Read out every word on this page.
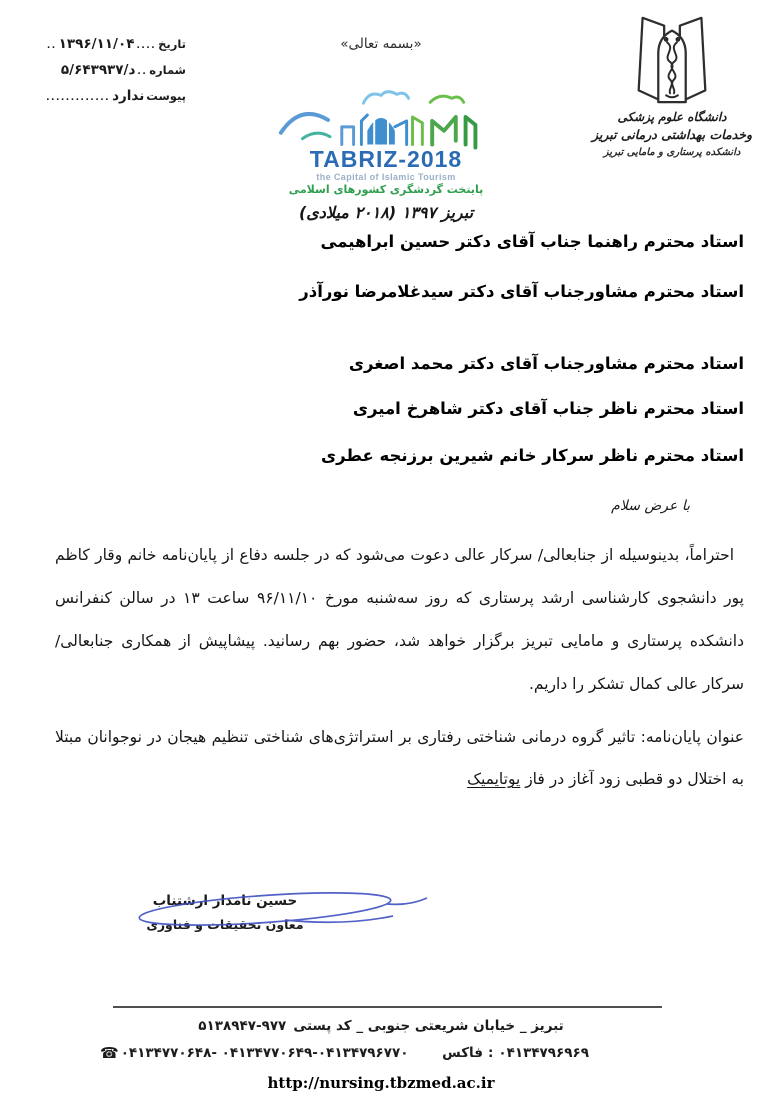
تاریخ
....
۱۳۹۶/۱۱/۰۴
..
شماره
..
۵/د/۶۴۳۹۳۷
پیوست
ندارد
.............
«بسمه تعالی»
دانشگاه علوم پزشکی
وخدمات بهداشتی درمانی تبریز
دانشکده پرستاری و مامایی تبریز
TABRIZ-2018
the Capital of Islamic Tourism
پایتخت گردشگری کشورهای اسلامی
تبریز ۱۳۹۷ (۲۰۱۸ میلادی)
استاد محترم راهنما جناب آقای دکتر حسین ابراهیمی
استاد محترم مشاورجناب آقای دکتر سیدغلامرضا نورآذر
استاد محترم مشاورجناب آقای دکتر محمد اصغری
استاد محترم ناظر جناب آقای دکتر شاهرخ امیری
استاد محترم ناظر سرکار خانم شیرین برزنجه عطری
با عرض سلام
احتراماً، بدینوسیله از جنابعالی/ سرکار عالی دعوت می‌شود که در جلسه دفاع از پایان‌نامه خانم وقار کاظم پور دانشجوی کارشناسی ارشد پرستاری که روز سه‌شنبه مورخ ۹۶/۱۱/۱۰ ساعت ۱۳ در سالن کنفرانس دانشکده پرستاری و مامایی تبریز برگزار خواهد شد، حضور بهم رسانید. پیشاپیش از همکاری جنابعالی/ سرکار عالی کمال تشکر را داریم.
عنوان پایان‌نامه: تاثیر گروه درمانی شناختی رفتاری بر استراتژی‌های شناختی تنظیم هیجان در نوجوانان مبتلا به اختلال دو قطبی زود آغاز در فاز یوتایمیک
حسین نامدار ارشتناب
معاون تحقیقات و فناوری
تبریز _ خیابان شریعتی جنوبی _ کد پستی
۵۱۳۸۹۴۷-۹۷۷
☎ ۰۴۱۳۴۷۷۰۶۴۸- ۰۴۱۳۴۷۷۰۶۴۹-۰۴۱۳۴۷۹۶۷۷۰ فاکس : ۰۴۱۳۴۷۹۶۹۶۹
http://nursing.tbzmed.ac.ir
